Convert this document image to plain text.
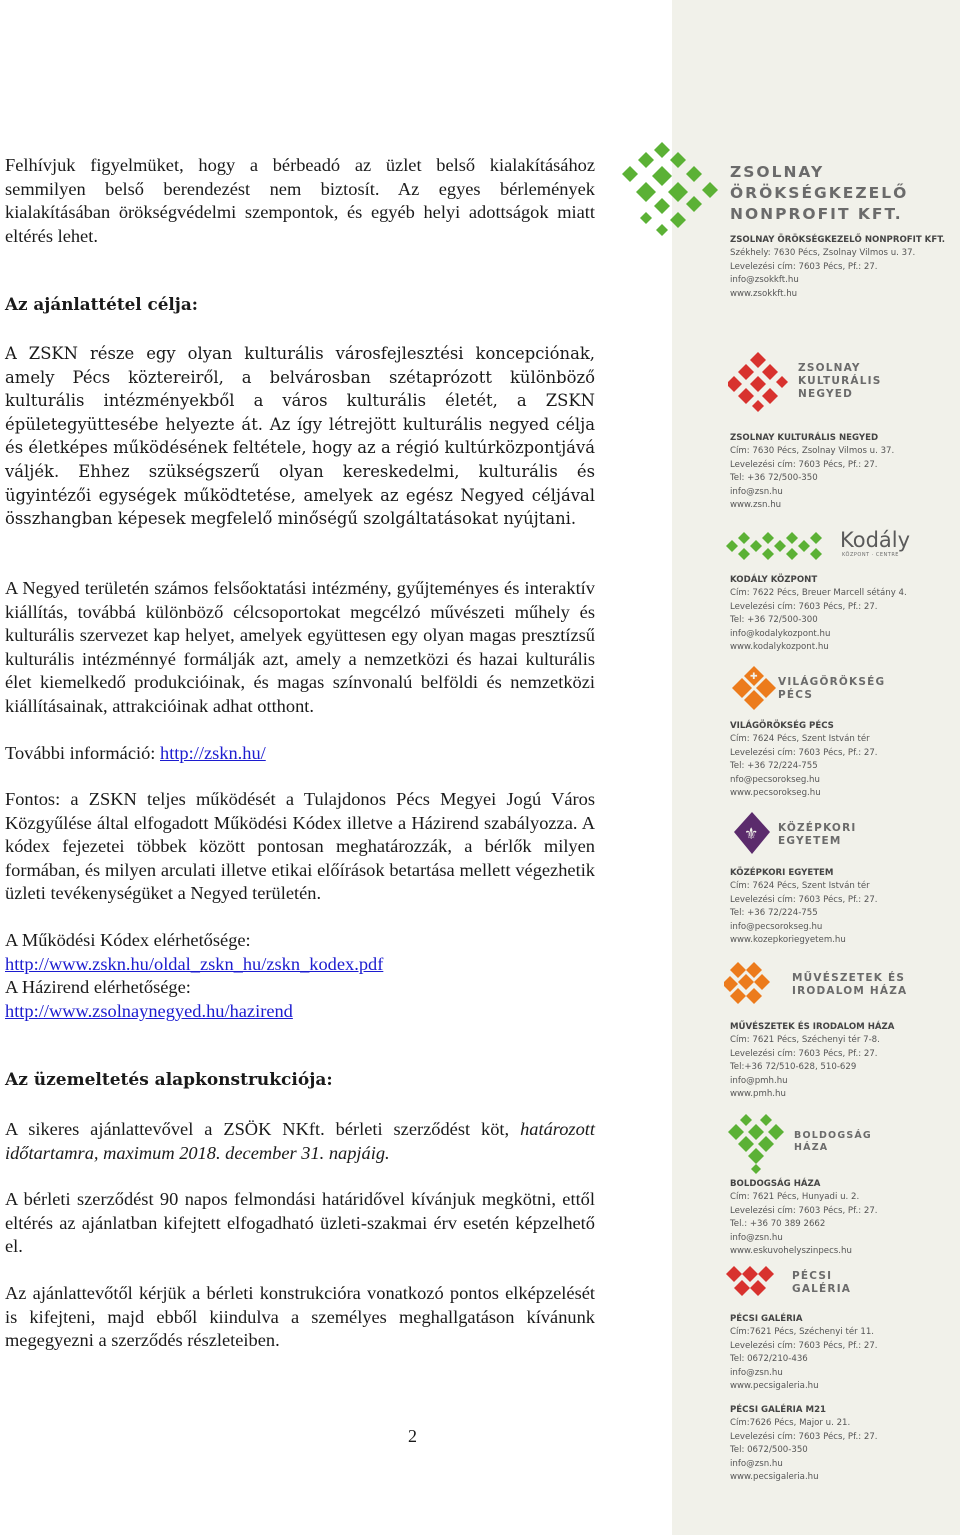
Felhívjuk figyelmüket, hogy a bérbeadó az üzlet belső kialakításához semmilyen belső berendezést nem biztosít. Az egyes bérlemények kialakításában örökségvédelmi szempontok, és egyéb helyi adottságok miatt eltérés lehet.

Az ajánlattétel célja:

A ZSKN része egy olyan kulturális városfejlesztési koncepciónak, amely Pécs köztereiről, a belvárosban szétaprózott különböző kulturális intézményekből a város kulturális életét, a ZSKN épületegyüttesébe helyezte át. Az így létrejött kulturális negyed célja és életképes működésének feltétele, hogy az a régió kultúrközpontjává váljék. Ehhez szükségszerű olyan kereskedelmi, kulturális és ügyintézői egységek működtetése, amelyek az egész Negyed céljával összhangban képesek megfelelő minőségű szolgáltatásokat nyújtani.

A Negyed területén számos felsőoktatási intézmény, gyűjteményes és interaktív kiállítás, továbbá különböző célcsoportokat megcélzó művészeti műhely és kulturális szervezet kap helyet, amelyek együttesen egy olyan magas presztízsű kulturális intézménnyé formálják azt, amely a nemzetközi és hazai kulturális élet kiemelkedő produkcióinak, és magas színvonalú belföldi és nemzetközi kiállításainak, attrakcióinak adhat otthont.

További információ: http://zskn.hu/

Fontos: a ZSKN teljes működését a Tulajdonos Pécs Megyei Jogú Város Közgyűlése által elfogadott Működési Kódex illetve a Házirend szabályozza. A kódex fejezetei többek között pontosan meghatározzák, a bérlők milyen formában, és milyen arculati illetve etikai előírások betartása mellett végezhetik üzleti tevékenységüket a Negyed területén.

A Működési Kódex elérhetősége:

http://www.zskn.hu/oldal_zskn_hu/zskn_kodex.pdf

A Házirend elérhetősége:

http://www.zsolnaynegyed.hu/hazirend

Az üzemeltetés alapkonstrukciója:

A sikeres ajánlattevővel a ZSÖK NKft. bérleti szerződést köt, határozott időtartamra, maximum 2018. december 31. napjáig.

A bérleti szerződést 90 napos felmondási határidővel kívánjuk megkötni, ettől eltérés az ajánlatban kifejtett elfogadható üzleti-szakmai érv esetén képzelhető el.

Az ajánlattevőtől kérjük a bérleti konstrukcióra vonatkozó pontos elképzelését is kifejteni, majd ebből kiindulva a személyes meghallgatáson kívánunk megegyezni a szerződés részleteiben.

2
ZSOLNAY
ÖRÖKSÉGKEZELŐ
NONPROFIT KFT.
ZSOLNAY ÖRÖKSÉGKEZELŐ NONPROFIT KFT.
Székhely: 7630 Pécs, Zsolnay Vilmos u. 37.
Levelezési cím: 7603 Pécs, Pf.: 27.
info@zsokkft.hu
www.zsokkft.hu
ZSOLNAY
KULTURÁLIS
NEGYED
ZSOLNAY KULTURÁLIS NEGYED
Cím: 7630 Pécs, Zsolnay Vilmos u. 37.
Levelezési cím: 7603 Pécs, Pf.: 27.
Tel: +36 72/500-350
info@zsn.hu
www.zsn.hu
Kodály
KÖZPONT · CENTRE
KODÁLY KÖZPONT
Cím: 7622 Pécs, Breuer Marcell sétány 4.
Levelezési cím: 7603 Pécs, Pf.: 27.
Tel: +36 72/500-300
info@kodalykozpont.hu
www.kodalykozpont.hu
✚ VILÁGÖRÖKSÉG
PÉCS
VILÁGÖRÖKSÉG PÉCS
Cím: 7624 Pécs, Szent István tér
Levelezési cím: 7603 Pécs, Pf.: 27.
Tel: +36 72/224-755
nfo@pecsorokseg.hu
www.pecsorokseg.hu
⚜ KÖZÉPKORI
EGYETEM
KÖZÉPKORI EGYETEM
Cím: 7624 Pécs, Szent István tér
Levelezési cím: 7603 Pécs, Pf.: 27.
Tel: +36 72/224-755
info@pecsorokseg.hu
www.kozepkoriegyetem.hu
MŰVÉSZETEK ÉS
IRODALOM HÁZA
MŰVÉSZETEK ÉS IRODALOM HÁZA
Cím: 7621 Pécs, Széchenyi tér 7-8.
Levelezési cím: 7603 Pécs, Pf.: 27.
Tel:+36 72/510-628, 510-629
info@pmh.hu
www.pmh.hu
BOLDOGSÁG
HÁZA
BOLDOGSÁG HÁZA
Cím: 7621 Pécs, Hunyadi u. 2.
Levelezési cím: 7603 Pécs, Pf.: 27.
Tel.: +36 70 389 2662
info@zsn.hu
www.eskuvohelyszinpecs.hu
PÉCSI
GALÉRIA
PÉCSI GALÉRIA
Cím:7621 Pécs, Széchenyi tér 11.
Levelezési cím: 7603 Pécs, Pf.: 27.
Tel: 0672/210-436
info@zsn.hu
www.pecsigaleria.hu
PÉCSI GALÉRIA M21
Cím:7626 Pécs, Major u. 21.
Levelezési cím: 7603 Pécs, Pf.: 27.
Tel: 0672/500-350
info@zsn.hu
www.pecsigaleria.hu
